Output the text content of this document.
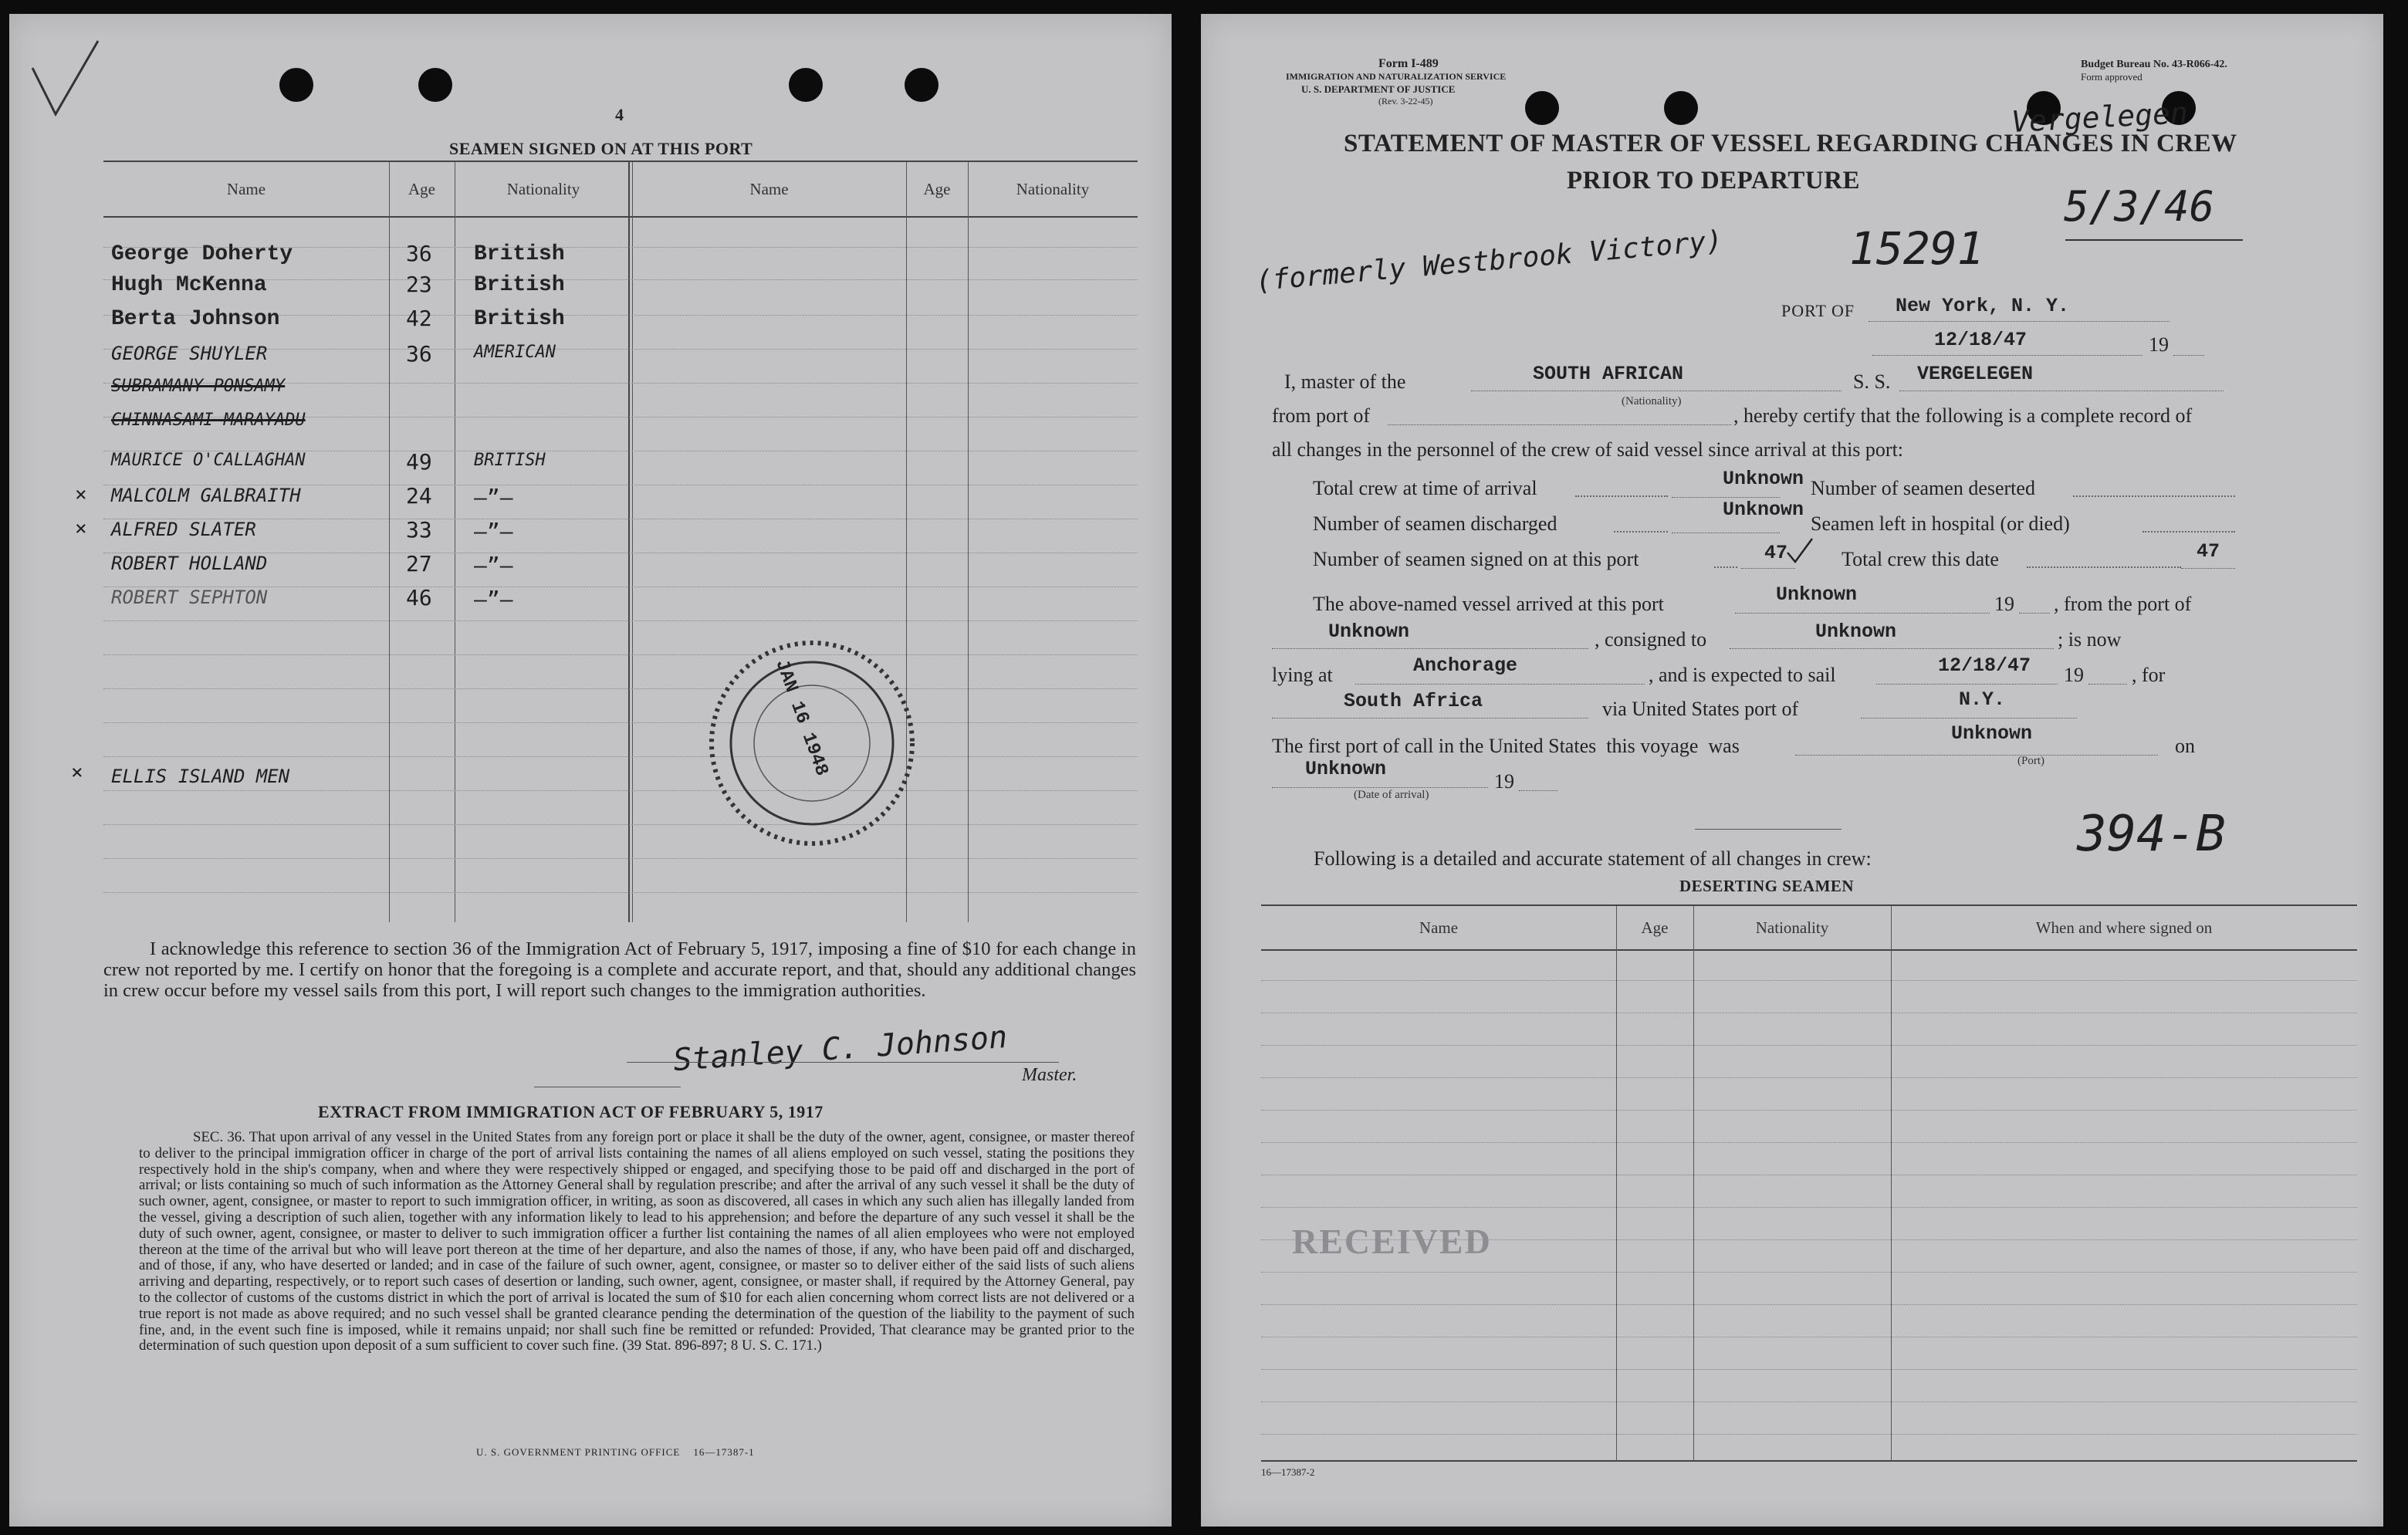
4
SEAMEN SIGNED ON AT THIS PORT
Name	Age	Nationality	Name	Age	Nationality
George Doherty	36 British
Hugh McKenna	23 British
Berta Johnson	42 British
GEORGE SHUYLER	36 AMERICAN
SUBRAMANY PONSAMY
CHINNASAMI MARAYADU
MAURICE O'CALLAGHAN	49 BRITISH
MALCOLM GALBRAITH	24 —”—
ALFRED SLATER	33 —”—
ROBERT HOLLAND	27 —”—
ROBERT SEPHTON	46 —”—
ELLIS ISLAND MEN
×
×
×	JAN 16 1948
I acknowledge this reference to section 36 of the Immigration Act of February 5, 1917, imposing a fine of $10 for each change in crew not reported by me. I certify on honor that the foregoing is a complete and accurate report, and that, should any additional changes in crew occur before my vessel sails from this port, I will report such changes to the immigration authorities.
Stanley C. Johnson Master.
EXTRACT FROM IMMIGRATION ACT OF FEBRUARY 5, 1917
SEC. 36. That upon arrival of any vessel in the United States from any foreign port or place it shall be the duty of the owner, agent, consignee, or master thereof to deliver to the principal immigration officer in charge of the port of arrival lists containing the names of all aliens employed on such vessel, stating the positions they respectively hold in the ship's company, when and where they were respectively shipped or engaged, and specifying those to be paid off and discharged in the port of arrival; or lists containing so much of such information as the Attorney General shall by regulation prescribe; and after the arrival of any such vessel it shall be the duty of such owner, agent, consignee, or master to report to such immigration officer, in writing, as soon as discovered, all cases in which any such alien has illegally landed from the vessel, giving a description of such alien, together with any information likely to lead to his apprehension; and before the departure of any such vessel it shall be the duty of such owner, agent, consignee, or master to deliver to such immigration officer a further list containing the names of all alien employees who were not employed thereon at the time of the arrival but who will leave port thereon at the time of her departure, and also the names of those, if any, who have been paid off and discharged, and of those, if any, who have deserted or landed; and in case of the failure of such owner, agent, consignee, or master so to deliver either of the said lists of such aliens arriving and departing, respectively, or to report such cases of desertion or landing, such owner, agent, consignee, or master shall, if required by the Attorney General, pay to the collector of customs of the customs district in which the port of arrival is located the sum of $10 for each alien concerning whom correct lists are not delivered or a true report is not made as above required; and no such vessel shall be granted clearance pending the determination of the question of the liability to the payment of such fine, and, in the event such fine is imposed, while it remains unpaid; nor shall such fine be remitted or refunded: Provided, That clearance may be granted prior to the determination of such question upon deposit of a sum sufficient to cover such fine. (39 Stat. 896-897; 8 U. S. C. 171.)
U. S. GOVERNMENT PRINTING OFFICE    16—17387-1
Form I-489
IMMIGRATION AND NATURALIZATION SERVICE
U. S. DEPARTMENT OF JUSTICE
(Rev. 3-22-45)
Budget Bureau No. 43-R066-42.
Form approved
STATEMENT OF MASTER OF VESSEL REGARDING CHANGES IN CREW
PRIOR TO DEPARTURE
Vergelegen
5/3/46
(formerly Westbrook Victory)	15291
PORT OF New York, N. Y.
12/18/47	19
I, master of the	SOUTH AFRICAN
(Nationality)
S. S. VERGELEGEN
from port of	, hereby certify that the following is a complete record of
all changes in the personnel of the crew of said vessel since arrival at this port:
Total crew at time of arrival	Unknown Number of seamen deserted
Number of seamen discharged
Unknown
Seamen left in hospital (or died)
Number of seamen signed on at this port	47	Total crew this date	47
The above-named vessel arrived at this port	Unknown	19 , from the port of
Unknown	, consigned to	Unknown	; is now
lying at	Anchorage	, and is expected to sail	12/18/47 19 , for
South Africa	via United States port of	N.Y.
The first port of call in the United States  this voyage  was
Unknown
(Port)
on
Unknown
19
(Date of arrival)
394-B
Following is a detailed and accurate statement of all changes in crew:
DESERTING SEAMEN
Name	Age	Nationality	When and where signed on
RECEIVED
16—17387-2
